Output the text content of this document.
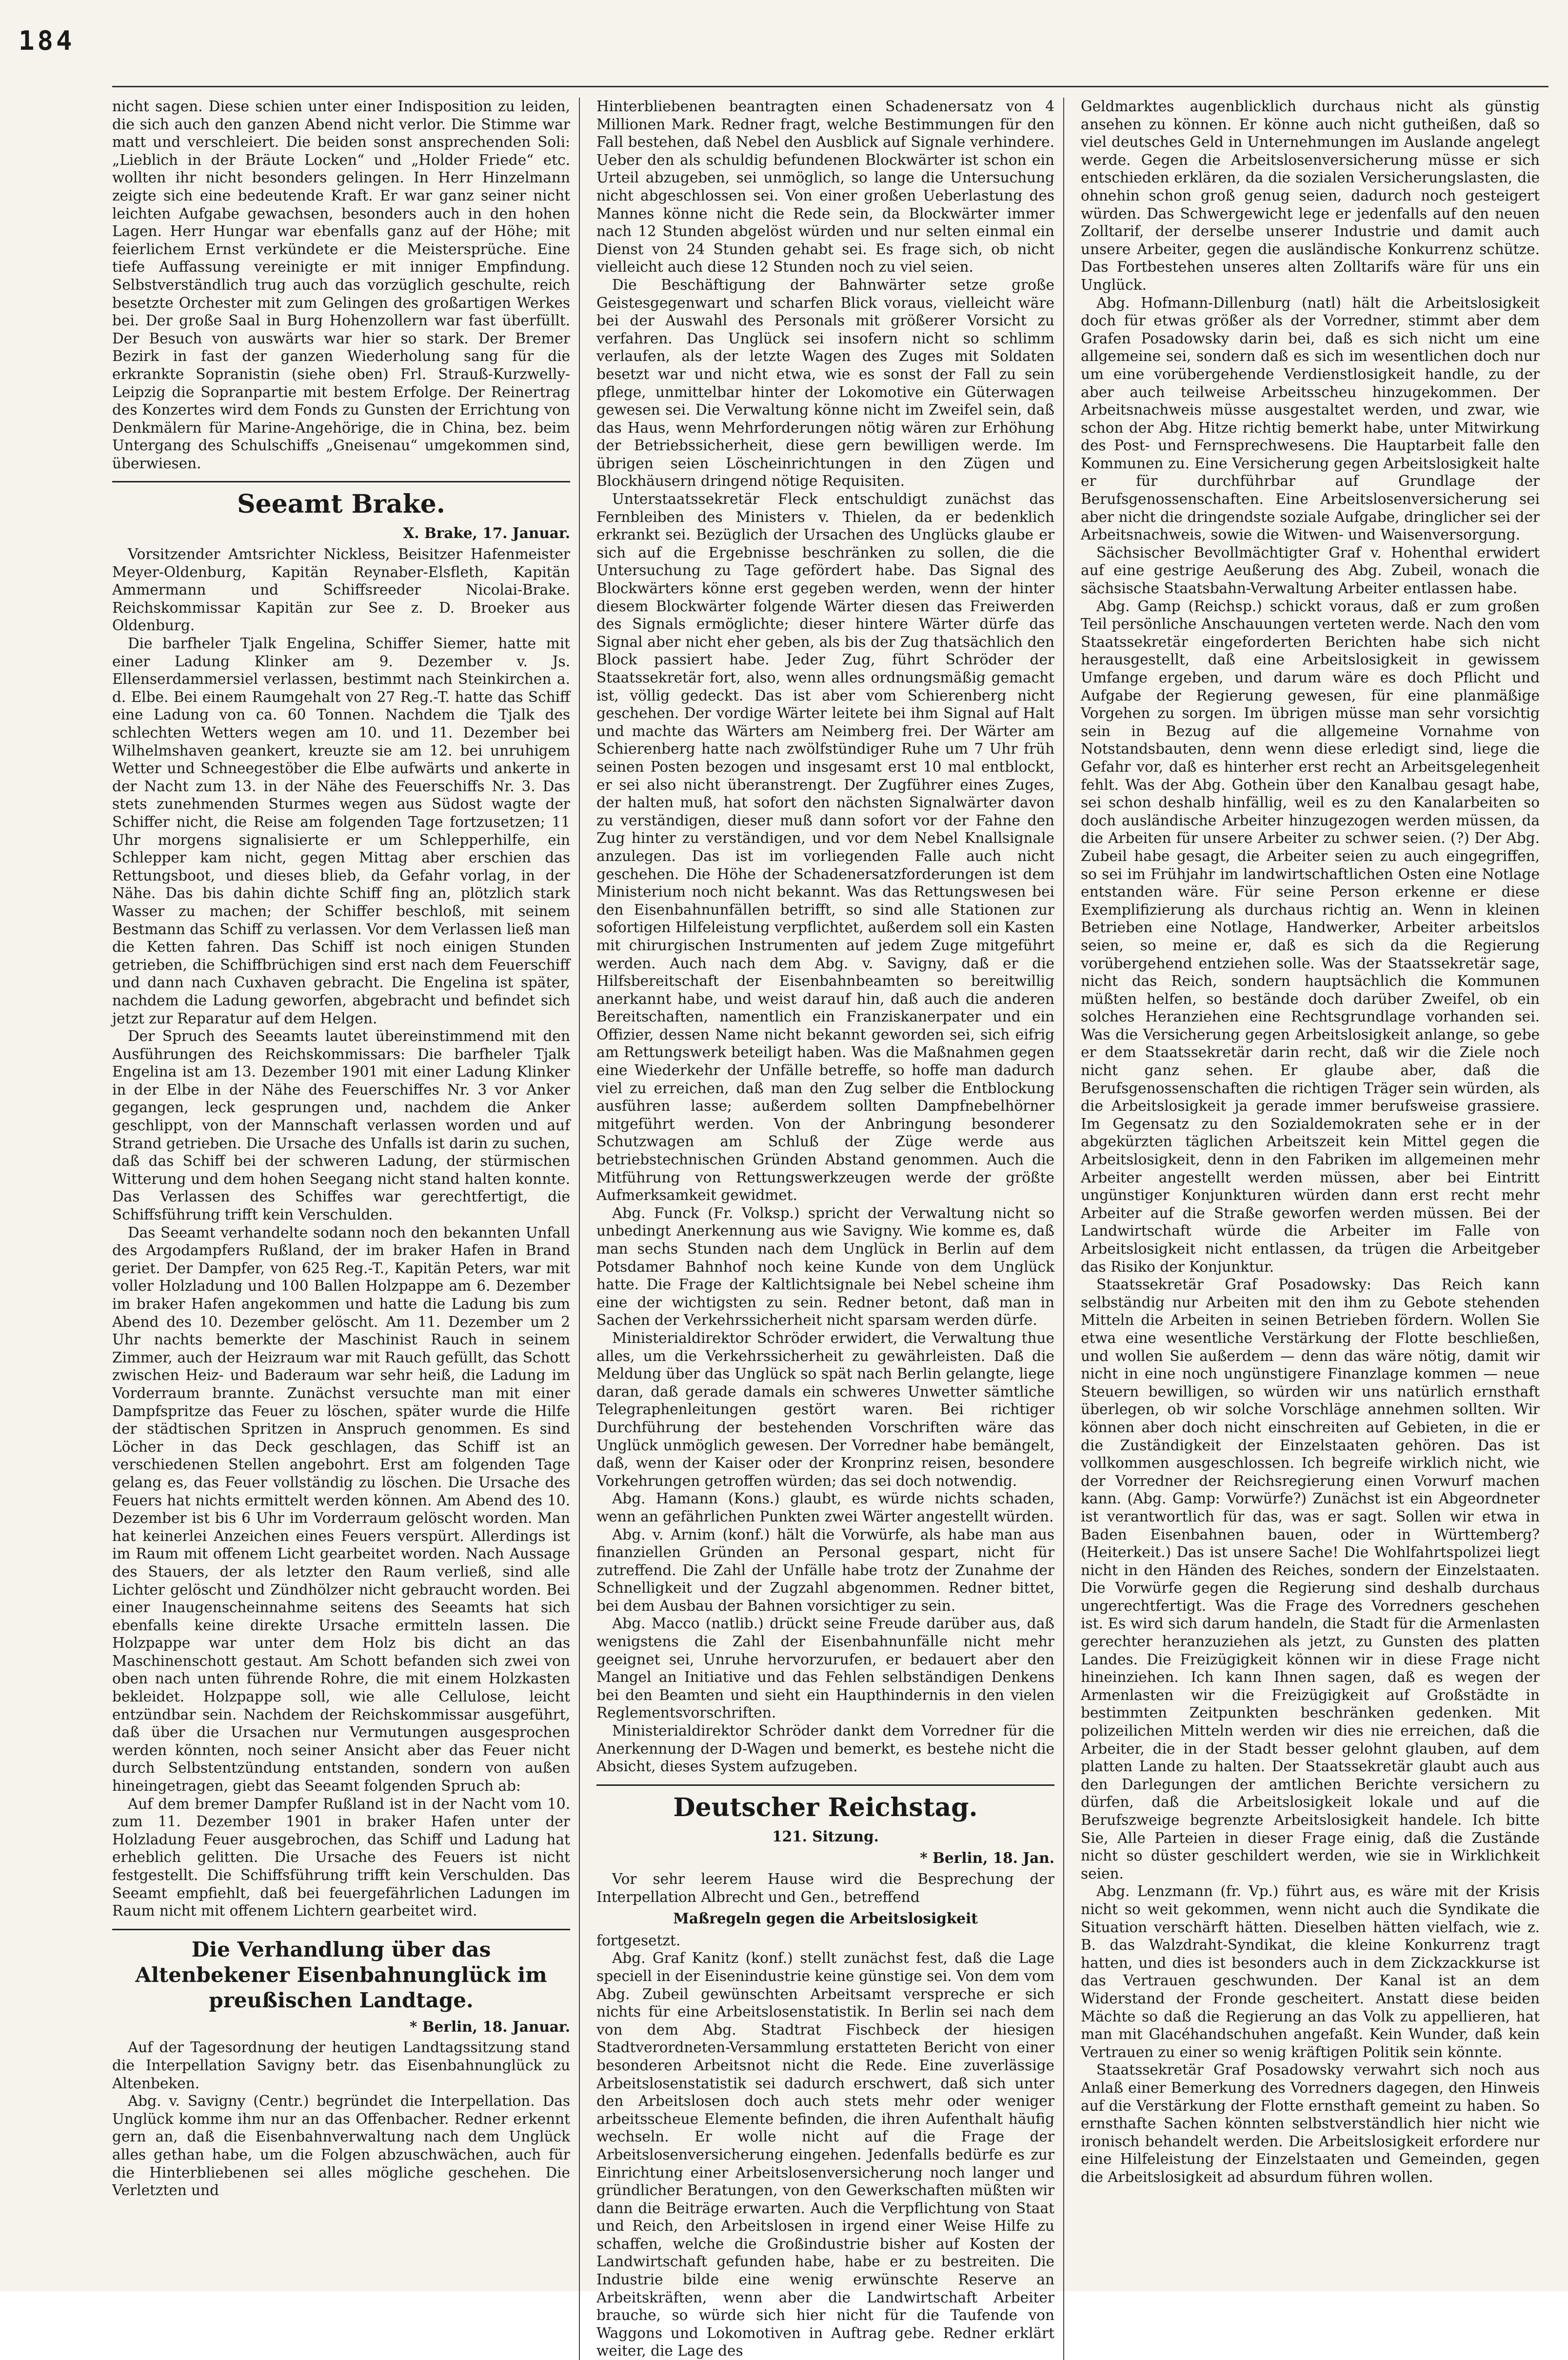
184

nicht sagen. Diese schien unter einer Indisposition zu leiden, die sich auch den ganzen Abend nicht verlor. Die Stimme war matt und verschleiert. Die beiden sonst ansprechenden Soli: „Lieblich in der Bräute Locken“ und „Holder Friede“ etc. wollten ihr nicht besonders gelingen. In Herr Hinzelmann zeigte sich eine bedeutende Kraft. Er war ganz seiner nicht leichten Aufgabe gewachsen, besonders auch in den hohen Lagen. Herr Hungar war ebenfalls ganz auf der Höhe; mit feierlichem Ernst verkündete er die Meistersprüche. Eine tiefe Auffassung vereinigte er mit inniger Empfindung. Selbstverständlich trug auch das vorzüglich geschulte, reich besetzte Orchester mit zum Gelingen des großartigen Werkes bei. Der große Saal in Burg Hohenzollern war fast überfüllt. Der Besuch von auswärts war hier so stark. Der Bremer Bezirk in fast der ganzen Wiederholung sang für die erkrankte Sopranistin (siehe oben) Frl. Strauß-Kurzwelly-Leipzig die Sopranpartie mit bestem Erfolge. Der Reinertrag des Konzertes wird dem Fonds zu Gunsten der Errichtung von Denkmälern für Marine-Angehörige, die in China, bez. beim Untergang des Schulschiffs „Gneisenau“ umgekommen sind, überwiesen.

Seeamt Brake.
X. Brake, 17. Januar.

Vorsitzender Amtsrichter Nickless, Beisitzer Hafenmeister Meyer-Oldenburg, Kapitän Reynaber-Elsfleth, Kapitän Ammermann und Schiffsreeder Nicolai-Brake. Reichskommissar Kapitän zur See z. D. Broeker aus Oldenburg.

Die barfheler Tjalk Engelina, Schiffer Siemer, hatte mit einer Ladung Klinker am 9. Dezember v. Js. Ellenserdammersiel verlassen, bestimmt nach Steinkirchen a. d. Elbe. Bei einem Raumgehalt von 27 Reg.-T. hatte das Schiff eine Ladung von ca. 60 Tonnen. Nachdem die Tjalk des schlechten Wetters wegen am 10. und 11. Dezember bei Wilhelmshaven geankert, kreuzte sie am 12. bei unruhigem Wetter und Schneegestöber die Elbe aufwärts und ankerte in der Nacht zum 13. in der Nähe des Feuerschiffs Nr. 3. Das stets zunehmenden Sturmes wegen aus Südost wagte der Schiffer nicht, die Reise am folgenden Tage fortzusetzen; 11 Uhr morgens signalisierte er um Schlepperhilfe, ein Schlepper kam nicht, gegen Mittag aber erschien das Rettungsboot, und dieses blieb, da Gefahr vorlag, in der Nähe. Das bis dahin dichte Schiff fing an, plötzlich stark Wasser zu machen; der Schiffer beschloß, mit seinem Bestmann das Schiff zu verlassen. Vor dem Verlassen ließ man die Ketten fahren. Das Schiff ist noch einigen Stunden getrieben, die Schiffbrüchigen sind erst nach dem Feuerschiff und dann nach Cuxhaven gebracht. Die Engelina ist später, nachdem die Ladung geworfen, abgebracht und befindet sich jetzt zur Reparatur auf dem Helgen.

Der Spruch des Seeamts lautet übereinstimmend mit den Ausführungen des Reichskommissars: Die barfheler Tjalk Engelina ist am 13. Dezember 1901 mit einer Ladung Klinker in der Elbe in der Nähe des Feuerschiffes Nr. 3 vor Anker gegangen, leck gesprungen und, nachdem die Anker geschlippt, von der Mannschaft verlassen worden und auf Strand getrieben. Die Ursache des Unfalls ist darin zu suchen, daß das Schiff bei der schweren Ladung, der stürmischen Witterung und dem hohen Seegang nicht stand halten konnte. Das Verlassen des Schiffes war gerechtfertigt, die Schiffsführung trifft kein Verschulden.

Das Seeamt verhandelte sodann noch den bekannten Unfall des Argodampfers Rußland, der im braker Hafen in Brand geriet. Der Dampfer, von 625 Reg.-T., Kapitän Peters, war mit voller Holzladung und 100 Ballen Holzpappe am 6. Dezember im braker Hafen angekommen und hatte die Ladung bis zum Abend des 10. Dezember gelöscht. Am 11. Dezember um 2 Uhr nachts bemerkte der Maschinist Rauch in seinem Zimmer, auch der Heizraum war mit Rauch gefüllt, das Schott zwischen Heiz- und Baderaum war sehr heiß, die Ladung im Vorderraum brannte. Zunächst versuchte man mit einer Dampfspritze das Feuer zu löschen, später wurde die Hilfe der städtischen Spritzen in Anspruch genommen. Es sind Löcher in das Deck geschlagen, das Schiff ist an verschiedenen Stellen angebohrt. Erst am folgenden Tage gelang es, das Feuer vollständig zu löschen. Die Ursache des Feuers hat nichts ermittelt werden können. Am Abend des 10. Dezember ist bis 6 Uhr im Vorderraum gelöscht worden. Man hat keinerlei Anzeichen eines Feuers verspürt. Allerdings ist im Raum mit offenem Licht gearbeitet worden. Nach Aussage des Stauers, der als letzter den Raum verließ, sind alle Lichter gelöscht und Zündhölzer nicht gebraucht worden. Bei einer Inaugenscheinnahme seitens des Seeamts hat sich ebenfalls keine direkte Ursache ermitteln lassen. Die Holzpappe war unter dem Holz bis dicht an das Maschinenschott gestaut. Am Schott befanden sich zwei von oben nach unten führende Rohre, die mit einem Holzkasten bekleidet. Holzpappe soll, wie alle Cellulose, leicht entzündbar sein. Nachdem der Reichskommissar ausgeführt, daß über die Ursachen nur Vermutungen ausgesprochen werden könnten, noch seiner Ansicht aber das Feuer nicht durch Selbstentzündung entstanden, sondern von außen hineingetragen, giebt das Seeamt folgenden Spruch ab:

Auf dem bremer Dampfer Rußland ist in der Nacht vom 10. zum 11. Dezember 1901 in braker Hafen unter der Holzladung Feuer ausgebrochen, das Schiff und Ladung hat erheblich gelitten. Die Ursache des Feuers ist nicht festgestellt. Die Schiffsführung trifft kein Verschulden. Das Seeamt empfiehlt, daß bei feuergefährlichen Ladungen im Raum nicht mit offenem Lichtern gearbeitet wird.

Die Verhandlung über das Altenbekener Eisenbahnunglück im preußischen Landtage.
* Berlin, 18. Januar.

Auf der Tagesordnung der heutigen Landtagssitzung stand die Interpellation Savigny betr. das Eisenbahnunglück zu Altenbeken.

Abg. v. Savigny (Centr.) begründet die Interpellation. Das Unglück komme ihm nur an das Offenbacher. Redner erkennt gern an, daß die Eisenbahnverwaltung nach dem Unglück alles gethan habe, um die Folgen abzuschwächen, auch für die Hinterbliebenen sei alles mögliche geschehen. Die Verletzten und

Hinterbliebenen beantragten einen Schadenersatz von 4 Millionen Mark. Redner fragt, welche Bestimmungen für den Fall bestehen, daß Nebel den Ausblick auf Signale verhindere. Ueber den als schuldig befundenen Blockwärter ist schon ein Urteil abzugeben, sei unmöglich, so lange die Untersuchung nicht abgeschlossen sei. Von einer großen Ueberlastung des Mannes könne nicht die Rede sein, da Blockwärter immer nach 12 Stunden abgelöst würden und nur selten einmal ein Dienst von 24 Stunden gehabt sei. Es frage sich, ob nicht vielleicht auch diese 12 Stunden noch zu viel seien.

Die Beschäftigung der Bahnwärter setze große Geistesgegenwart und scharfen Blick voraus, vielleicht wäre bei der Auswahl des Personals mit größerer Vorsicht zu verfahren. Das Unglück sei insofern nicht so schlimm verlaufen, als der letzte Wagen des Zuges mit Soldaten besetzt war und nicht etwa, wie es sonst der Fall zu sein pflege, unmittelbar hinter der Lokomotive ein Güterwagen gewesen sei. Die Verwaltung könne nicht im Zweifel sein, daß das Haus, wenn Mehrforderungen nötig wären zur Erhöhung der Betriebssicherheit, diese gern bewilligen werde. Im übrigen seien Löscheinrichtungen in den Zügen und Blockhäusern dringend nötige Requisiten.

Unterstaatssekretär Fleck entschuldigt zunächst das Fernbleiben des Ministers v. Thielen, da er bedenklich erkrankt sei. Bezüglich der Ursachen des Unglücks glaube er sich auf die Ergebnisse beschränken zu sollen, die die Untersuchung zu Tage gefördert habe. Das Signal des Blockwärters könne erst gegeben werden, wenn der hinter diesem Blockwärter folgende Wärter diesen das Freiwerden des Signals ermöglichte; dieser hintere Wärter dürfe das Signal aber nicht eher geben, als bis der Zug thatsächlich den Block passiert habe. Jeder Zug, führt Schröder der Staatssekretär fort, also, wenn alles ordnungsmäßig gemacht ist, völlig gedeckt. Das ist aber vom Schierenberg nicht geschehen. Der vordige Wärter leitete bei ihm Signal auf Halt und machte das Wärters am Neimberg frei. Der Wärter am Schierenberg hatte nach zwölfstündiger Ruhe um 7 Uhr früh seinen Posten bezogen und insgesamt erst 10 mal entblockt, er sei also nicht überanstrengt. Der Zugführer eines Zuges, der halten muß, hat sofort den nächsten Signalwärter davon zu verständigen, dieser muß dann sofort vor der Fahne den Zug hinter zu verständigen, und vor dem Nebel Knallsignale anzulegen. Das ist im vorliegenden Falle auch nicht geschehen. Die Höhe der Schadenersatzforderungen ist dem Ministerium noch nicht bekannt. Was das Rettungswesen bei den Eisenbahnunfällen betrifft, so sind alle Stationen zur sofortigen Hilfeleistung verpflichtet, außerdem soll ein Kasten mit chirurgischen Instrumenten auf jedem Zuge mitgeführt werden. Auch nach dem Abg. v. Savigny, daß er die Hilfsbereitschaft der Eisenbahnbeamten so bereitwillig anerkannt habe, und weist darauf hin, daß auch die anderen Bereitschaften, namentlich ein Franziskanerpater und ein Offizier, dessen Name nicht bekannt geworden sei, sich eifrig am Rettungswerk beteiligt haben. Was die Maßnahmen gegen eine Wiederkehr der Unfälle betreffe, so hoffe man dadurch viel zu erreichen, daß man den Zug selber die Entblockung ausführen lasse; außerdem sollten Dampfnebelhörner mitgeführt werden. Von der Anbringung besonderer Schutzwagen am Schluß der Züge werde aus betriebstechnischen Gründen Abstand genommen. Auch die Mitführung von Rettungswerkzeugen werde der größte Aufmerksamkeit gewidmet.

Abg. Funck (Fr. Volksp.) spricht der Verwaltung nicht so unbedingt Anerkennung aus wie Savigny. Wie komme es, daß man sechs Stunden nach dem Unglück in Berlin auf dem Potsdamer Bahnhof noch keine Kunde von dem Unglück hatte. Die Frage der Kaltlichtsignale bei Nebel scheine ihm eine der wichtigsten zu sein. Redner betont, daß man in Sachen der Verkehrssicherheit nicht sparsam werden dürfe.

Ministerialdirektor Schröder erwidert, die Verwaltung thue alles, um die Verkehrssicherheit zu gewährleisten. Daß die Meldung über das Unglück so spät nach Berlin gelangte, liege daran, daß gerade damals ein schweres Unwetter sämtliche Telegraphenleitungen gestört waren. Bei richtiger Durchführung der bestehenden Vorschriften wäre das Unglück unmöglich gewesen. Der Vorredner habe bemängelt, daß, wenn der Kaiser oder der Kronprinz reisen, besondere Vorkehrungen getroffen würden; das sei doch notwendig.

Abg. Hamann (Kons.) glaubt, es würde nichts schaden, wenn an gefährlichen Punkten zwei Wärter angestellt würden.

Abg. v. Arnim (konf.) hält die Vorwürfe, als habe man aus finanziellen Gründen an Personal gespart, nicht für zutreffend. Die Zahl der Unfälle habe trotz der Zunahme der Schnelligkeit und der Zugzahl abgenommen. Redner bittet, bei dem Ausbau der Bahnen vorsichtiger zu sein.

Abg. Macco (natlib.) drückt seine Freude darüber aus, daß wenigstens die Zahl der Eisenbahnunfälle nicht mehr geeignet sei, Unruhe hervorzurufen, er bedauert aber den Mangel an Initiative und das Fehlen selbständigen Denkens bei den Beamten und sieht ein Haupthindernis in den vielen Reglementsvorschriften.

Ministerialdirektor Schröder dankt dem Vorredner für die Anerkennung der D-Wagen und bemerkt, es bestehe nicht die Absicht, dieses System aufzugeben.

Deutscher Reichstag.
121. Sitzung.
* Berlin, 18. Jan.

Vor sehr leerem Hause wird die Besprechung der Interpellation Albrecht und Gen., betreffend

Maßregeln gegen die Arbeitslosigkeit

fortgesetzt.

Abg. Graf Kanitz (konf.) stellt zunächst fest, daß die Lage speciell in der Eisenindustrie keine günstige sei. Von dem vom Abg. Zubeil gewünschten Arbeitsamt verspreche er sich nichts für eine Arbeitslosenstatistik. In Berlin sei nach dem von dem Abg. Stadtrat Fischbeck der hiesigen Stadtverordneten-Versammlung erstatteten Bericht von einer besonderen Arbeitsnot nicht die Rede. Eine zuverlässige Arbeitslosenstatistik sei dadurch erschwert, daß sich unter den Arbeitslosen doch auch stets mehr oder weniger arbeitsscheue Elemente befinden, die ihren Aufenthalt häufig wechseln. Er wolle nicht auf die Frage der Arbeitslosenversicherung eingehen. Jedenfalls bedürfe es zur Einrichtung einer Arbeitslosenversicherung noch langer und gründlicher Beratungen, von den Gewerkschaften müßten wir dann die Beiträge erwarten. Auch die Verpflichtung von Staat und Reich, den Arbeitslosen in irgend einer Weise Hilfe zu schaffen, welche die Großindustrie bisher auf Kosten der Landwirtschaft gefunden habe, habe er zu bestreiten. Die Industrie bilde eine wenig erwünschte Reserve an Arbeitskräften, wenn aber die Landwirtschaft Arbeiter brauche, so würde sich hier nicht für die Taufende von Waggons und Lokomotiven in Auftrag gebe. Redner erklärt weiter, die Lage des

Geldmarktes augenblicklich durchaus nicht als günstig ansehen zu können. Er könne auch nicht gutheißen, daß so viel deutsches Geld in Unternehmungen im Auslande angelegt werde. Gegen die Arbeitslosenversicherung müsse er sich entschieden erklären, da die sozialen Versicherungslasten, die ohnehin schon groß genug seien, dadurch noch gesteigert würden. Das Schwergewicht lege er jedenfalls auf den neuen Zolltarif, der derselbe unserer Industrie und damit auch unsere Arbeiter, gegen die ausländische Konkurrenz schütze. Das Fortbestehen unseres alten Zolltarifs wäre für uns ein Unglück.

Abg. Hofmann-Dillenburg (natl) hält die Arbeitslosigkeit doch für etwas größer als der Vorredner, stimmt aber dem Grafen Posadowsky darin bei, daß es sich nicht um eine allgemeine sei, sondern daß es sich im wesentlichen doch nur um eine vorübergehende Verdienstlosigkeit handle, zu der aber auch teilweise Arbeitsscheu hinzugekommen. Der Arbeitsnachweis müsse ausgestaltet werden, und zwar, wie schon der Abg. Hitze richtig bemerkt habe, unter Mitwirkung des Post- und Fernsprechwesens. Die Hauptarbeit falle den Kommunen zu. Eine Versicherung gegen Arbeitslosigkeit halte er für durchführbar auf Grundlage der Berufsgenossenschaften. Eine Arbeitslosenversicherung sei aber nicht die dringendste soziale Aufgabe, dringlicher sei der Arbeitsnachweis, sowie die Witwen- und Waisenversorgung.

Sächsischer Bevollmächtigter Graf v. Hohenthal erwidert auf eine gestrige Aeußerung des Abg. Zubeil, wonach die sächsische Staatsbahn-Verwaltung Arbeiter entlassen habe.

Abg. Gamp (Reichsp.) schickt voraus, daß er zum großen Teil persönliche Anschauungen verteten werde. Nach den vom Staatssekretär eingeforderten Berichten habe sich nicht herausgestellt, daß eine Arbeitslosigkeit in gewissem Umfange ergeben, und darum wäre es doch Pflicht und Aufgabe der Regierung gewesen, für eine planmäßige Vorgehen zu sorgen. Im übrigen müsse man sehr vorsichtig sein in Bezug auf die allgemeine Vornahme von Notstandsbauten, denn wenn diese erledigt sind, liege die Gefahr vor, daß es hinterher erst recht an Arbeitsgelegenheit fehlt. Was der Abg. Gothein über den Kanalbau gesagt habe, sei schon deshalb hinfällig, weil es zu den Kanalarbeiten so doch ausländische Arbeiter hinzugezogen werden müssen, da die Arbeiten für unsere Arbeiter zu schwer seien. (?) Der Abg. Zubeil habe gesagt, die Arbeiter seien zu auch eingegriffen, so sei im Frühjahr im landwirtschaftlichen Osten eine Notlage entstanden wäre. Für seine Person erkenne er diese Exemplifizierung als durchaus richtig an. Wenn in kleinen Betrieben eine Notlage, Handwerker, Arbeiter arbeitslos seien, so meine er, daß es sich da die Regierung vorübergehend entziehen solle. Was der Staatssekretär sage, nicht das Reich, sondern hauptsächlich die Kommunen müßten helfen, so bestände doch darüber Zweifel, ob ein solches Heranziehen eine Rechtsgrundlage vorhanden sei. Was die Versicherung gegen Arbeitslosigkeit anlange, so gebe er dem Staatssekretär darin recht, daß wir die Ziele noch nicht ganz sehen. Er glaube aber, daß die Berufsgenossenschaften die richtigen Träger sein würden, als die Arbeitslosigkeit ja gerade immer berufsweise grassiere. Im Gegensatz zu den Sozialdemokraten sehe er in der abgekürzten täglichen Arbeitszeit kein Mittel gegen die Arbeitslosigkeit, denn in den Fabriken im allgemeinen mehr Arbeiter angestellt werden müssen, aber bei Eintritt ungünstiger Konjunkturen würden dann erst recht mehr Arbeiter auf die Straße geworfen werden müssen. Bei der Landwirtschaft würde die Arbeiter im Falle von Arbeitslosigkeit nicht entlassen, da trügen die Arbeitgeber das Risiko der Konjunktur.

Staatssekretär Graf Posadowsky: Das Reich kann selbständig nur Arbeiten mit den ihm zu Gebote stehenden Mitteln die Arbeiten in seinen Betrieben fördern. Wollen Sie etwa eine wesentliche Verstärkung der Flotte beschließen, und wollen Sie außerdem — denn das wäre nötig, damit wir nicht in eine noch ungünstigere Finanzlage kommen — neue Steuern bewilligen, so würden wir uns natürlich ernsthaft überlegen, ob wir solche Vorschläge annehmen sollten. Wir können aber doch nicht einschreiten auf Gebieten, in die er die Zuständigkeit der Einzelstaaten gehören. Das ist vollkommen ausgeschlossen. Ich begreife wirklich nicht, wie der Vorredner der Reichsregierung einen Vorwurf machen kann. (Abg. Gamp: Vorwürfe?) Zunächst ist ein Abgeordneter ist verantwortlich für das, was er sagt. Sollen wir etwa in Baden Eisenbahnen bauen, oder in Württemberg? (Heiterkeit.) Das ist unsere Sache! Die Wohlfahrtspolizei liegt nicht in den Händen des Reiches, sondern der Einzelstaaten. Die Vorwürfe gegen die Regierung sind deshalb durchaus ungerechtfertigt. Was die Frage des Vorredners geschehen ist. Es wird sich darum handeln, die Stadt für die Armenlasten gerechter heranzuziehen als jetzt, zu Gunsten des platten Landes. Die Freizügigkeit können wir in diese Frage nicht hineinziehen. Ich kann Ihnen sagen, daß es wegen der Armenlasten wir die Freizügigkeit auf Großstädte in bestimmten Zeitpunkten beschränken gedenken. Mit polizeilichen Mitteln werden wir dies nie erreichen, daß die Arbeiter, die in der Stadt besser gelohnt glauben, auf dem platten Lande zu halten. Der Staatssekretär glaubt auch aus den Darlegungen der amtlichen Berichte versichern zu dürfen, daß die Arbeitslosigkeit lokale und auf die Berufszweige begrenzte Arbeitslosigkeit handele. Ich bitte Sie, Alle Parteien in dieser Frage einig, daß die Zustände nicht so düster geschildert werden, wie sie in Wirklichkeit seien.

Abg. Lenzmann (fr. Vp.) führt aus, es wäre mit der Krisis nicht so weit gekommen, wenn nicht auch die Syndikate die Situation verschärft hätten. Dieselben hätten vielfach, wie z. B. das Walzdraht-Syndikat, die kleine Konkurrenz tragt hatten, und dies ist besonders auch in dem Zickzackkurse ist das Vertrauen geschwunden. Der Kanal ist an dem Widerstand der Fronde gescheitert. Anstatt diese beiden Mächte so daß die Regierung an das Volk zu appellieren, hat man mit Glacéhandschuhen angefaßt. Kein Wunder, daß kein Vertrauen zu einer so wenig kräftigen Politik sein könnte.

Staatssekretär Graf Posadowsky verwahrt sich noch aus Anlaß einer Bemerkung des Vorredners dagegen, den Hinweis auf die Verstärkung der Flotte ernsthaft gemeint zu haben. So ernsthafte Sachen könnten selbstverständlich hier nicht wie ironisch behandelt werden. Die Arbeitslosigkeit erfordere nur eine Hilfeleistung der Einzelstaaten und Gemeinden, gegen die Arbeitslosigkeit ad absurdum führen wollen.
